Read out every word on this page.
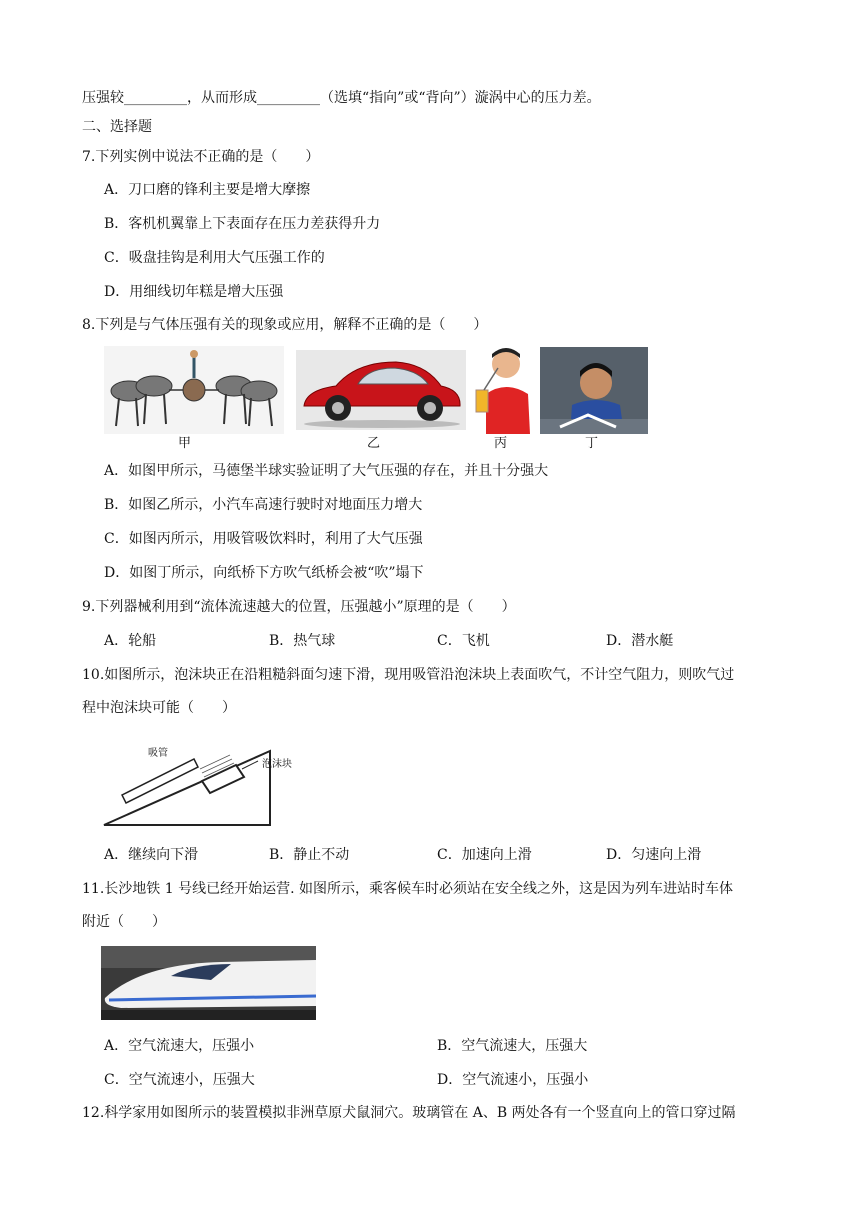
压强较_________，从而形成_________（选填“指向”或“背向”）漩涡中心的压力差。
二、选择题
7.下列实例中说法不正确的是（　　）
A．刀口磨的锋利主要是增大摩擦
B．客机机翼靠上下表面存在压力差获得升力
C．吸盘挂钩是利用大气压强工作的
D．用细线切年糕是增大压强
8.下列是与气体压强有关的现象或应用，解释不正确的是（　　）
甲	乙	丙	丁
A．如图甲所示，马德堡半球实验证明了大气压强的存在，并且十分强大
B．如图乙所示，小汽车高速行驶时对地面压力增大
C．如图丙所示，用吸管吸饮料时，利用了大气压强
D．如图丁所示，向纸桥下方吹气纸桥会被“吹”塌下
9.下列器械利用到“流体流速越大的位置，压强越小”原理的是（　　）
A．轮船	B．热气球	C．飞机	D．潜水艇
10.如图所示，泡沫块正在沿粗糙斜面匀速下滑，现用吸管沿泡沫块上表面吹气，不计空气阻力，则吹气过
程中泡沫块可能（　　）
吸管
泡沫块
A．继续向下滑	B．静止不动	C．加速向上滑	D．匀速向上滑
11.长沙地铁 1 号线已经开始运营. 如图所示，乘客候车时必须站在安全线之外，这是因为列车进站时车体
附近（　　）
A．空气流速大，压强小	B．空气流速大，压强大
C．空气流速小，压强大	D．空气流速小，压强小
12.科学家用如图所示的装置模拟非洲草原犬鼠洞穴。玻璃管在 A、B 两处各有一个竖直向上的管口穿过隔
